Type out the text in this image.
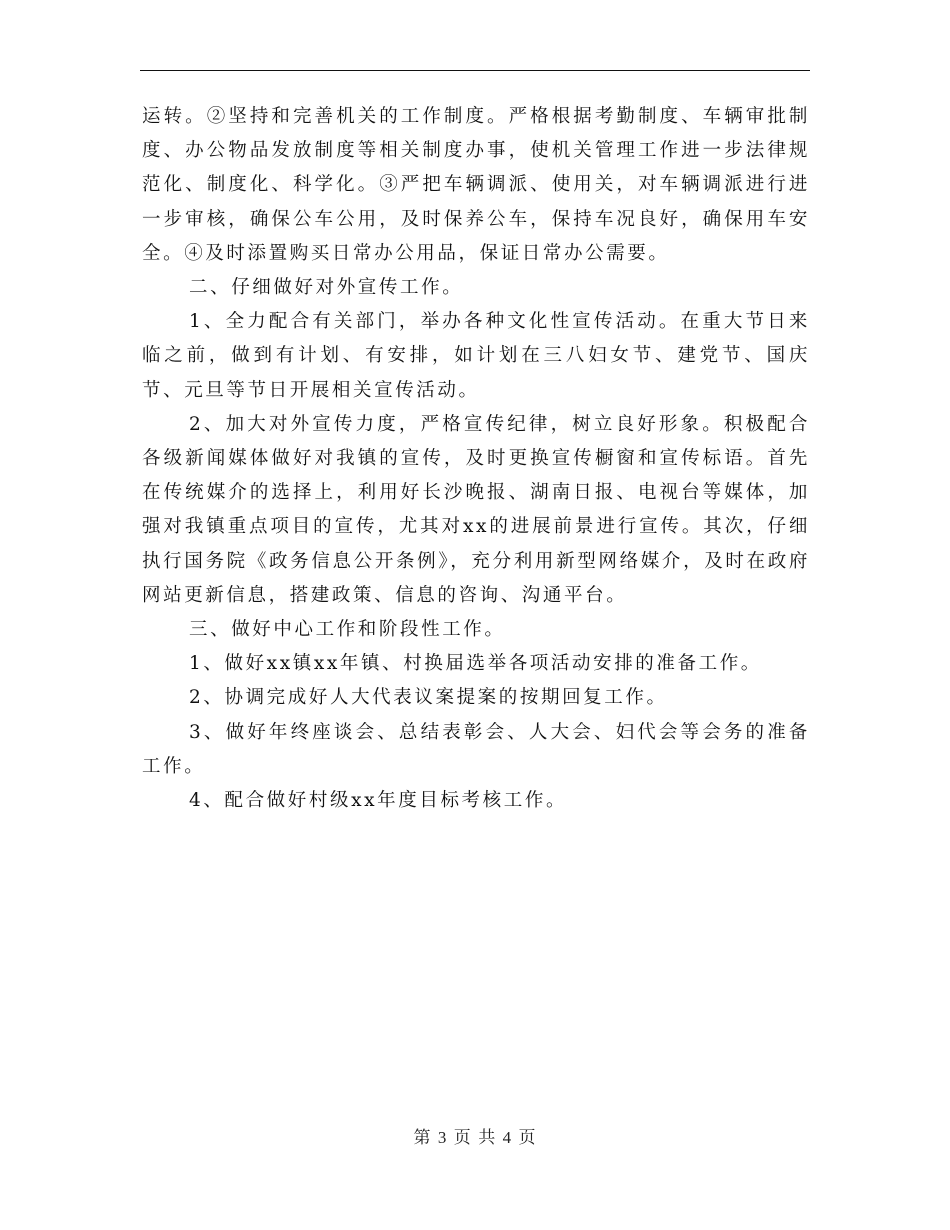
运转。②坚持和完善机关的工作制度。严格根据考勤制度、车辆审批制度、办公物品发放制度等相关制度办事，使机关管理工作进一步法律规范化、制度化、科学化。③严把车辆调派、使用关，对车辆调派进行进一步审核，确保公车公用，及时保养公车，保持车况良好，确保用车安全。④及时添置购买日常办公用品，保证日常办公需要。

二、仔细做好对外宣传工作。

1、全力配合有关部门，举办各种文化性宣传活动。在重大节日来临之前，做到有计划、有安排，如计划在三八妇女节、建党节、国庆节、元旦等节日开展相关宣传活动。

2、加大对外宣传力度，严格宣传纪律，树立良好形象。积极配合各级新闻媒体做好对我镇的宣传，及时更换宣传橱窗和宣传标语。首先在传统媒介的选择上，利用好长沙晚报、湖南日报、电视台等媒体，加强对我镇重点项目的宣传，尤其对xx的进展前景进行宣传。其次，仔细执行国务院《政务信息公开条例》，充分利用新型网络媒介，及时在政府网站更新信息，搭建政策、信息的咨询、沟通平台。

三、做好中心工作和阶段性工作。

1、做好xx镇xx年镇、村换届选举各项活动安排的准备工作。

2、协调完成好人大代表议案提案的按期回复工作。

3、做好年终座谈会、总结表彰会、人大会、妇代会等会务的准备工作。

4、配合做好村级xx年度目标考核工作。

第 3 页 共 4 页
